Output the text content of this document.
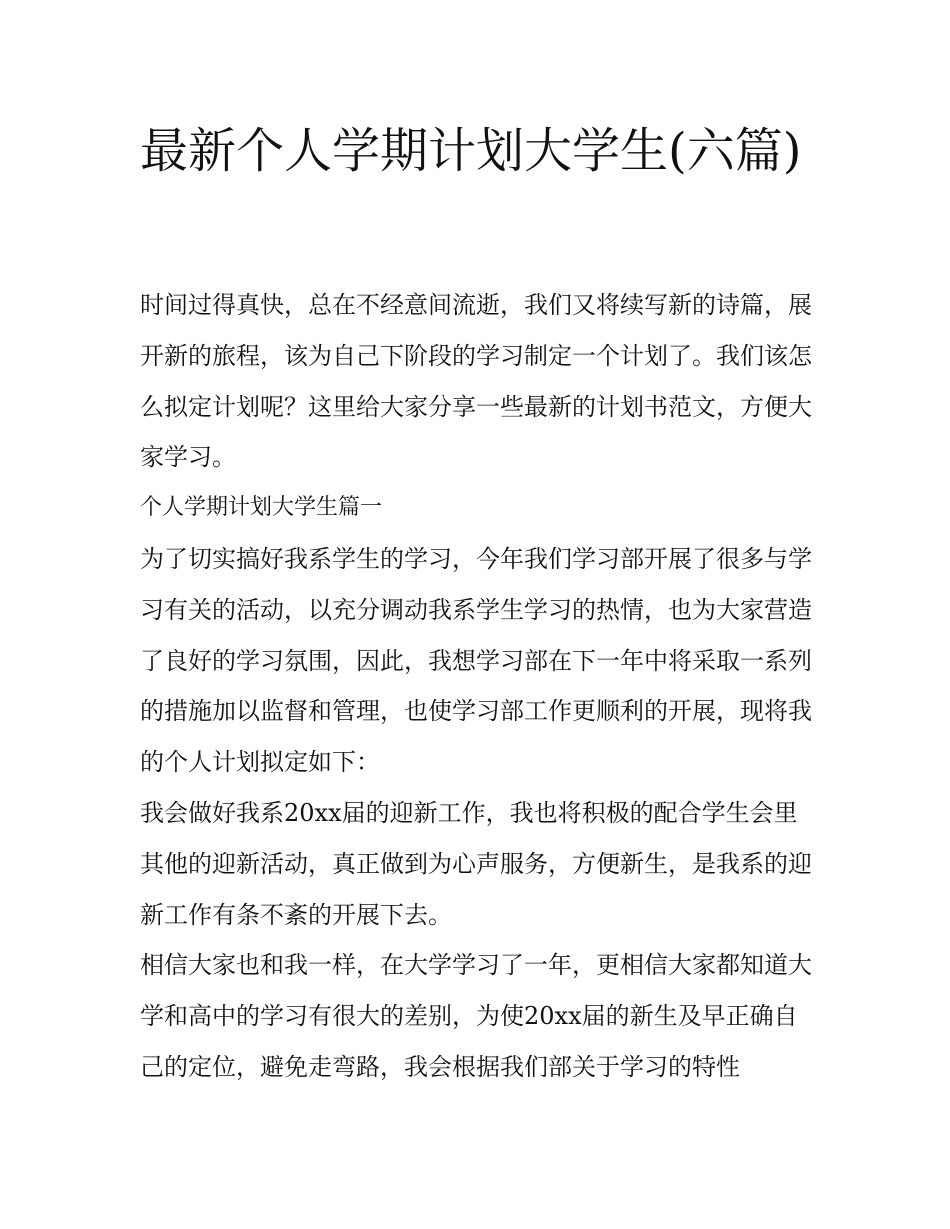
最新个人学期计划大学生(六篇)

时间过得真快，总在不经意间流逝，我们又将续写新的诗篇，展开新的旅程，该为自己下阶段的学习制定一个计划了。我们该怎么拟定计划呢？这里给大家分享一些最新的计划书范文，方便大家学习。

个人学期计划大学生篇一

为了切实搞好我系学生的学习，今年我们学习部开展了很多与学习有关的活动，以充分调动我系学生学习的热情，也为大家营造了良好的学习氛围，因此，我想学习部在下一年中将采取一系列的措施加以监督和管理，也使学习部工作更顺利的开展，现将我的个人计划拟定如下：

我会做好我系20xx届的迎新工作，我也将积极的配合学生会里其他的迎新活动，真正做到为心声服务，方便新生，是我系的迎新工作有条不紊的开展下去。

相信大家也和我一样，在大学学习了一年，更相信大家都知道大学和高中的学习有很大的差别，为使20xx届的新生及早正确自己的定位，避免走弯路，我会根据我们部关于学习的特性
